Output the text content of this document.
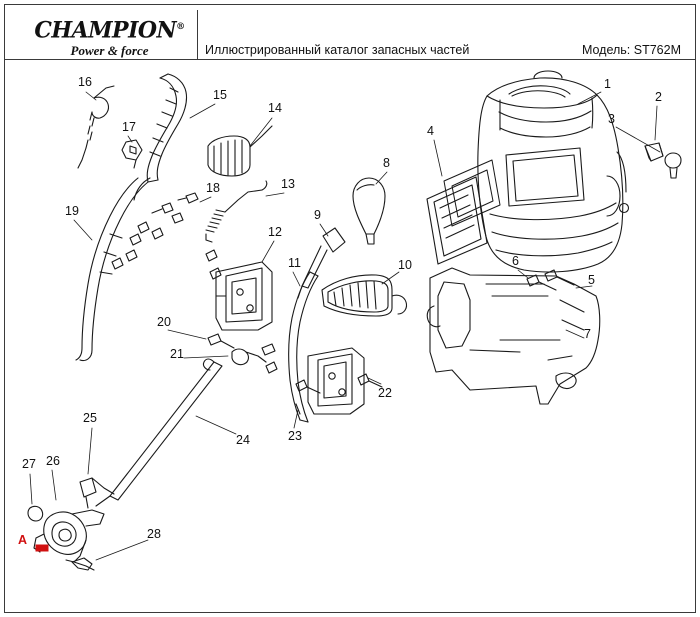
CHAMPION®
Power & force	Иллюстрированный каталог запасных частей	Модель: ST762M
1
2
3
4
5
6
7
8
9
10
11
12
13
14
15
16
17
18
19
20
21
22
23
24
25
26
27
28
A
